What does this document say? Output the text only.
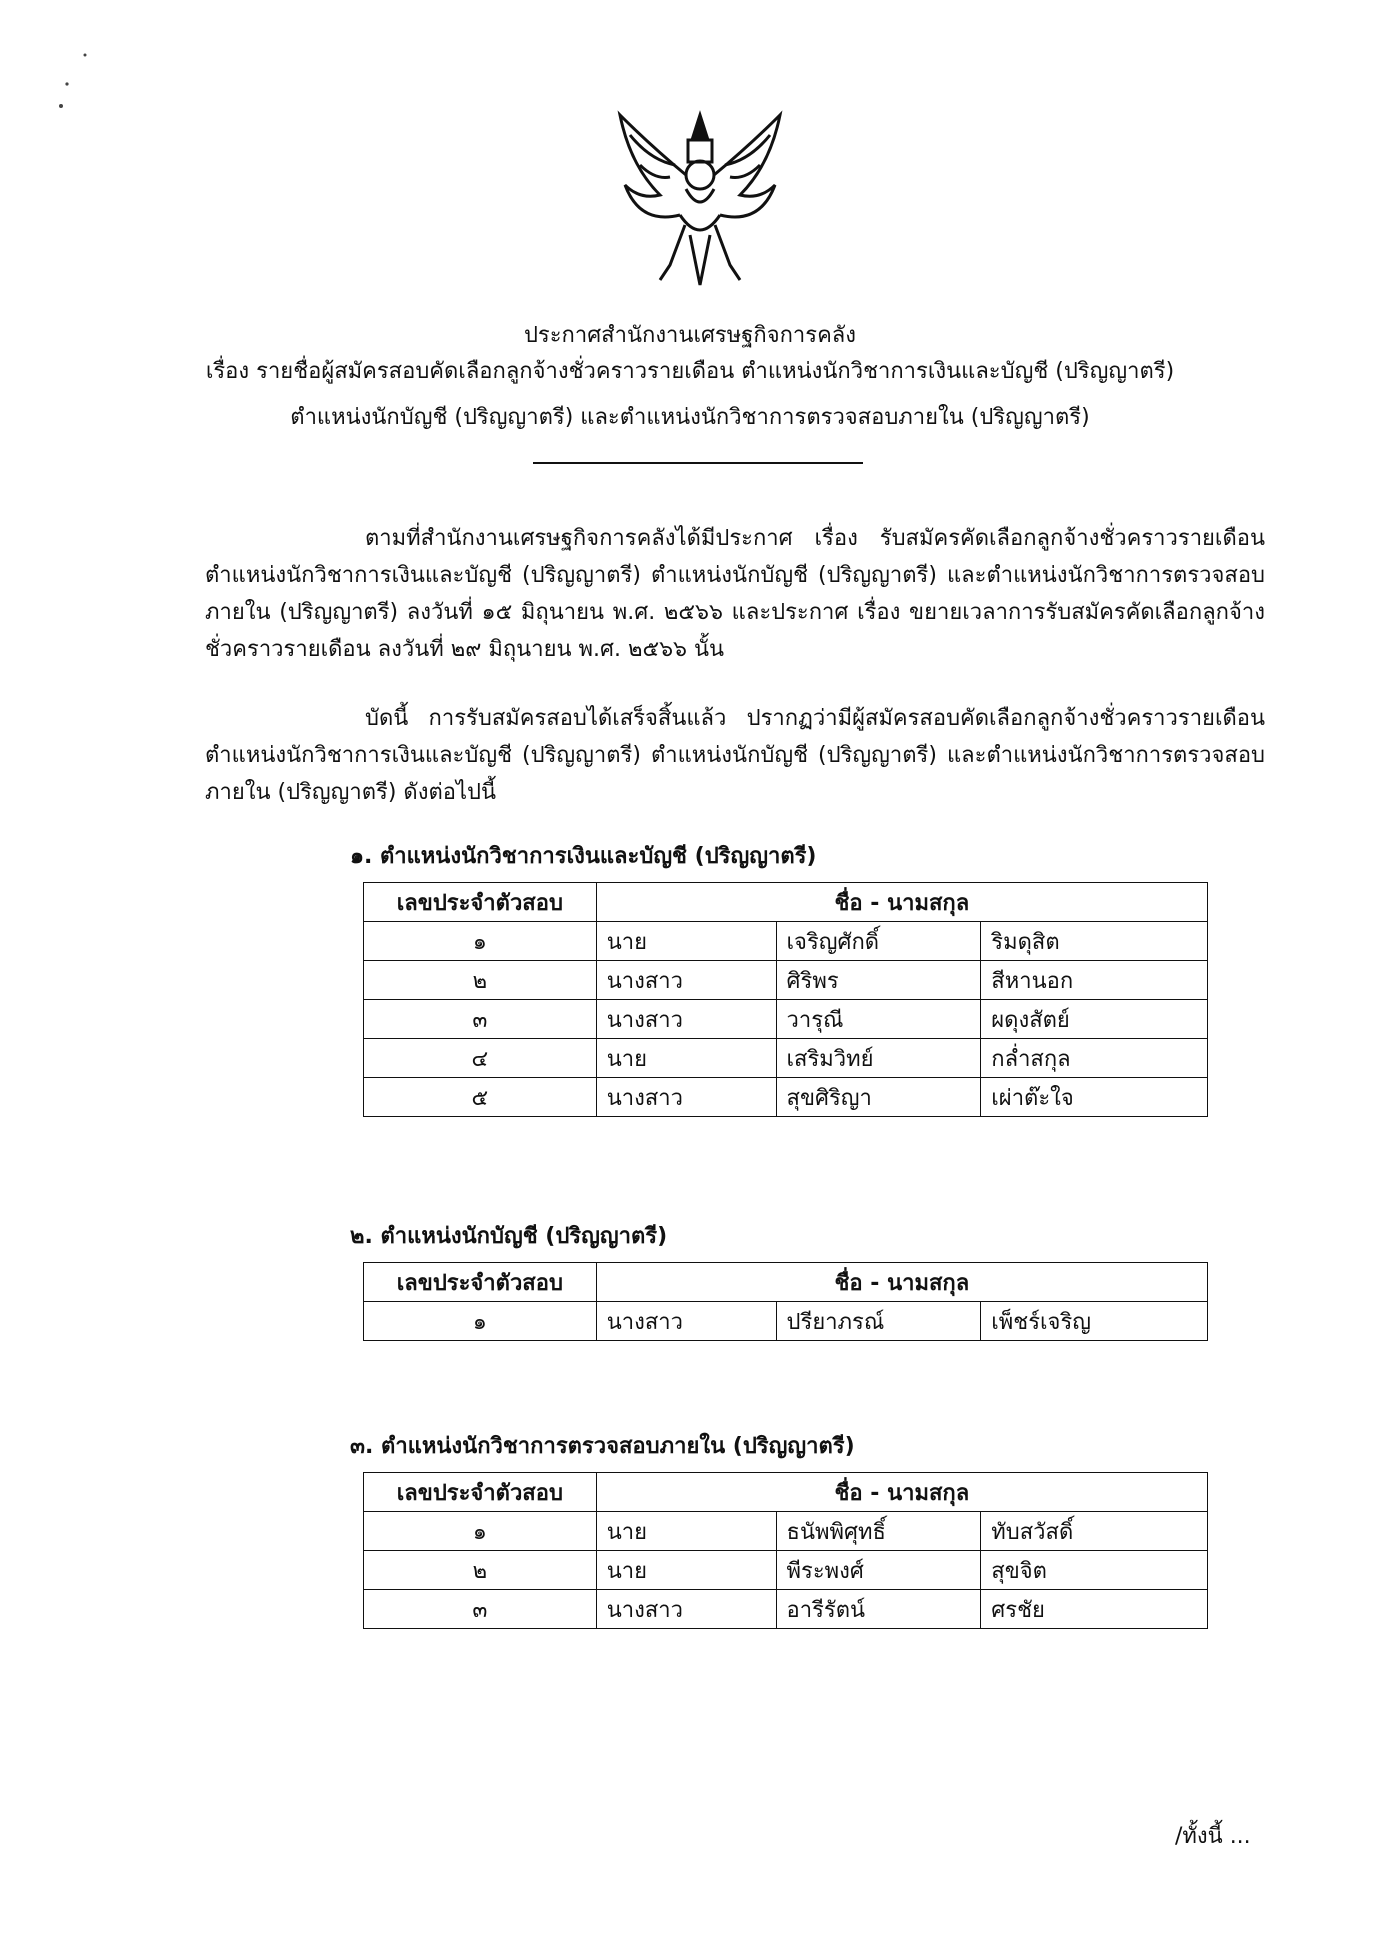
ประกาศสำนักงานเศรษฐกิจการคลัง
เรื่อง รายชื่อผู้สมัครสอบคัดเลือกลูกจ้างชั่วคราวรายเดือน ตำแหน่งนักวิชาการเงินและบัญชี (ปริญญาตรี)
ตำแหน่งนักบัญชี (ปริญญาตรี) และตำแหน่งนักวิชาการตรวจสอบภายใน (ปริญญาตรี)
ตามที่สำนักงานเศรษฐกิจการคลังได้มีประกาศ เรื่อง รับสมัครคัดเลือกลูกจ้างชั่วคราวรายเดือน ตำแหน่งนักวิชาการเงินและบัญชี (ปริญญาตรี) ตำแหน่งนักบัญชี (ปริญญาตรี) และตำแหน่งนักวิชาการตรวจสอบภายใน (ปริญญาตรี) ลงวันที่ ๑๕ มิถุนายน พ.ศ. ๒๕๖๖ และประกาศ เรื่อง ขยายเวลาการรับสมัครคัดเลือกลูกจ้างชั่วคราวรายเดือน ลงวันที่ ๒๙ มิถุนายน พ.ศ. ๒๕๖๖ นั้น
บัดนี้ การรับสมัครสอบได้เสร็จสิ้นแล้ว ปรากฏว่ามีผู้สมัครสอบคัดเลือกลูกจ้างชั่วคราวรายเดือน ตำแหน่งนักวิชาการเงินและบัญชี (ปริญญาตรี) ตำแหน่งนักบัญชี (ปริญญาตรี) และตำแหน่งนักวิชาการตรวจสอบภายใน (ปริญญาตรี) ดังต่อไปนี้
๑. ตำแหน่งนักวิชาการเงินและบัญชี (ปริญญาตรี)
เลขประจำตัวสอบ	ชื่อ - นามสกุล		
๑	นาย	เจริญศักดิ์	ริมดุสิต
๒	นางสาว	ศิริพร	สีหานอก
๓	นางสาว	วารุณี	ผดุงสัตย์
๔	นาย	เสริมวิทย์	กล่ำสกุล
๕	นางสาว	สุขศิริญา	เผ่าต๊ะใจ
๒. ตำแหน่งนักบัญชี (ปริญญาตรี)
เลขประจำตัวสอบ	ชื่อ - นามสกุล		
๑	นางสาว	ปรียาภรณ์	เพ็ชร์เจริญ
๓. ตำแหน่งนักวิชาการตรวจสอบภายใน (ปริญญาตรี)
เลขประจำตัวสอบ	ชื่อ - นามสกุล		
๑	นาย	ธนัพพิศุทธิ์	ทับสวัสดิ์
๒	นาย	พีระพงศ์	สุขจิต
๓	นางสาว	อารีรัตน์	ศรชัย
/ทั้งนี้ ...
